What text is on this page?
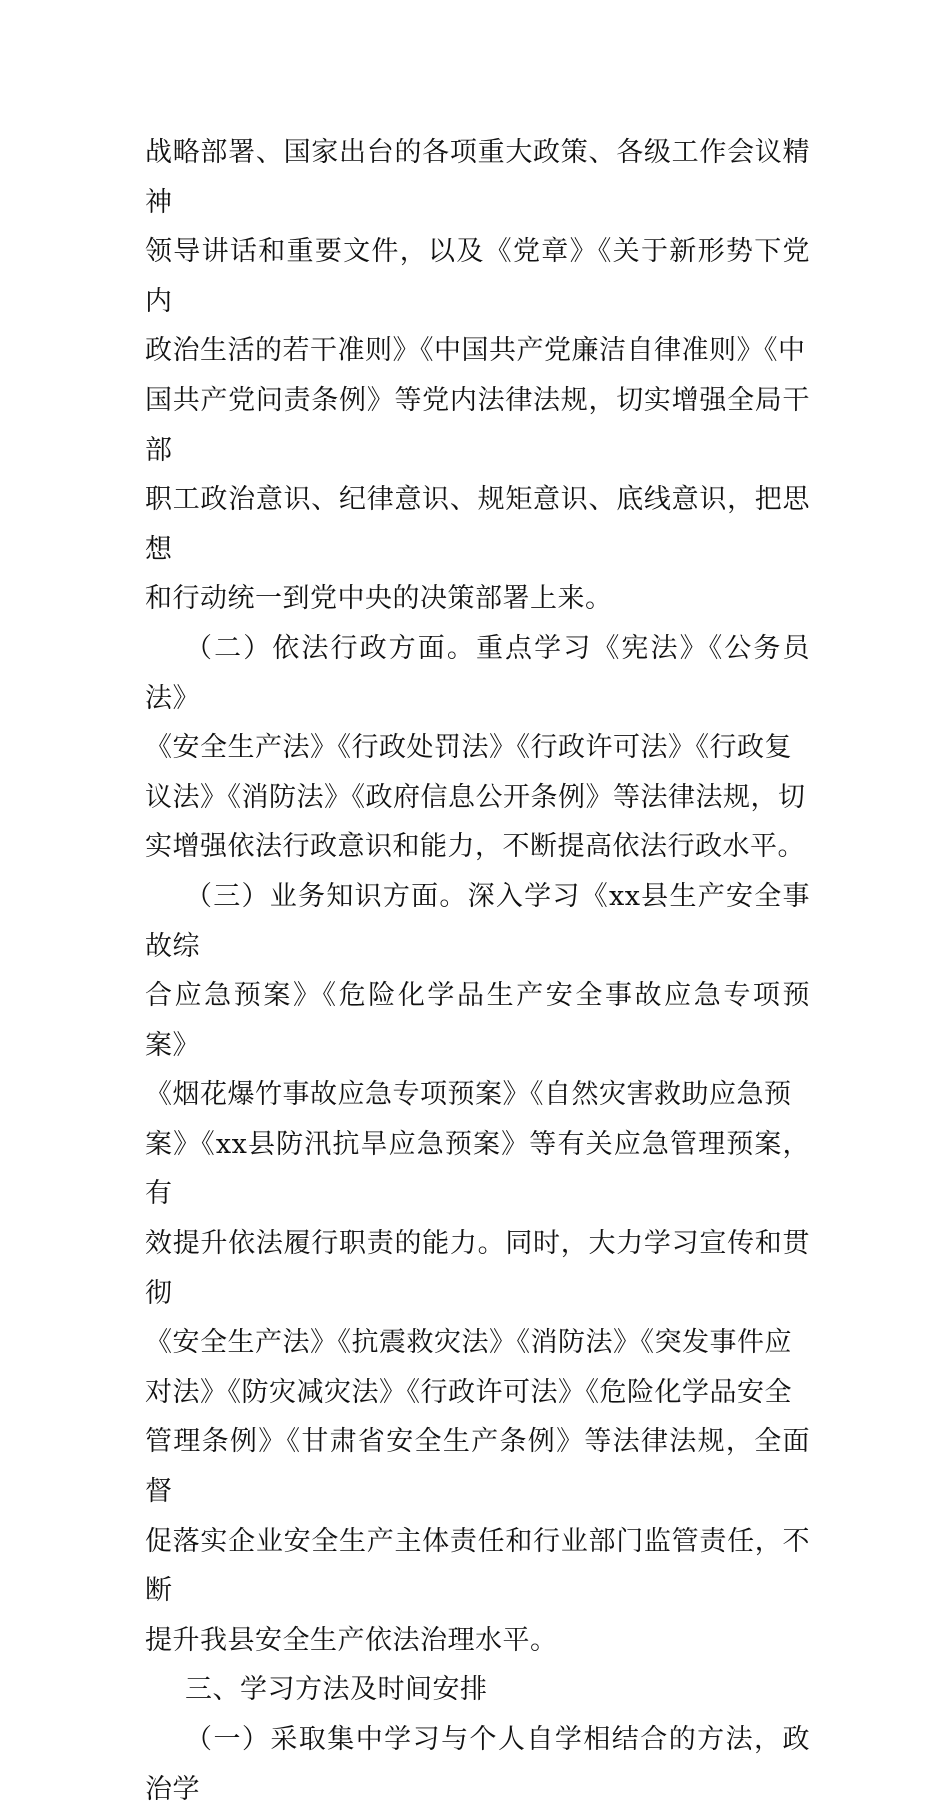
战略部署、国家出台的各项重大政策、各级工作会议精神
领导讲话和重要文件，以及《党章》《关于新形势下党内
政治生活的若干准则》《中国共产党廉洁自律准则》《中
国共产党问责条例》等党内法律法规，切实增强全局干部
职工政治意识、纪律意识、规矩意识、底线意识，把思想
和行动统一到党中央的决策部署上来。

（二）依法行政方面。重点学习《宪法》《公务员法》
《安全生产法》《行政处罚法》《行政许可法》《行政复
议法》《消防法》《政府信息公开条例》等法律法规，切
实增强依法行政意识和能力，不断提高依法行政水平。

（三）业务知识方面。深入学习《xx县生产安全事故综
合应急预案》《危险化学品生产安全事故应急专项预案》
《烟花爆竹事故应急专项预案》《自然灾害救助应急预
案》《xx县防汛抗旱应急预案》等有关应急管理预案，有
效提升依法履行职责的能力。同时，大力学习宣传和贯彻
《安全生产法》《抗震救灾法》《消防法》《突发事件应
对法》《防灾减灾法》《行政许可法》《危险化学品安全
管理条例》《甘肃省安全生产条例》等法律法规，全面督
促落实企业安全生产主体责任和行业部门监管责任，不断
提升我县安全生产依法治理水平。

三、学习方法及时间安排

（一）采取集中学习与个人自学相结合的方法，政治学
